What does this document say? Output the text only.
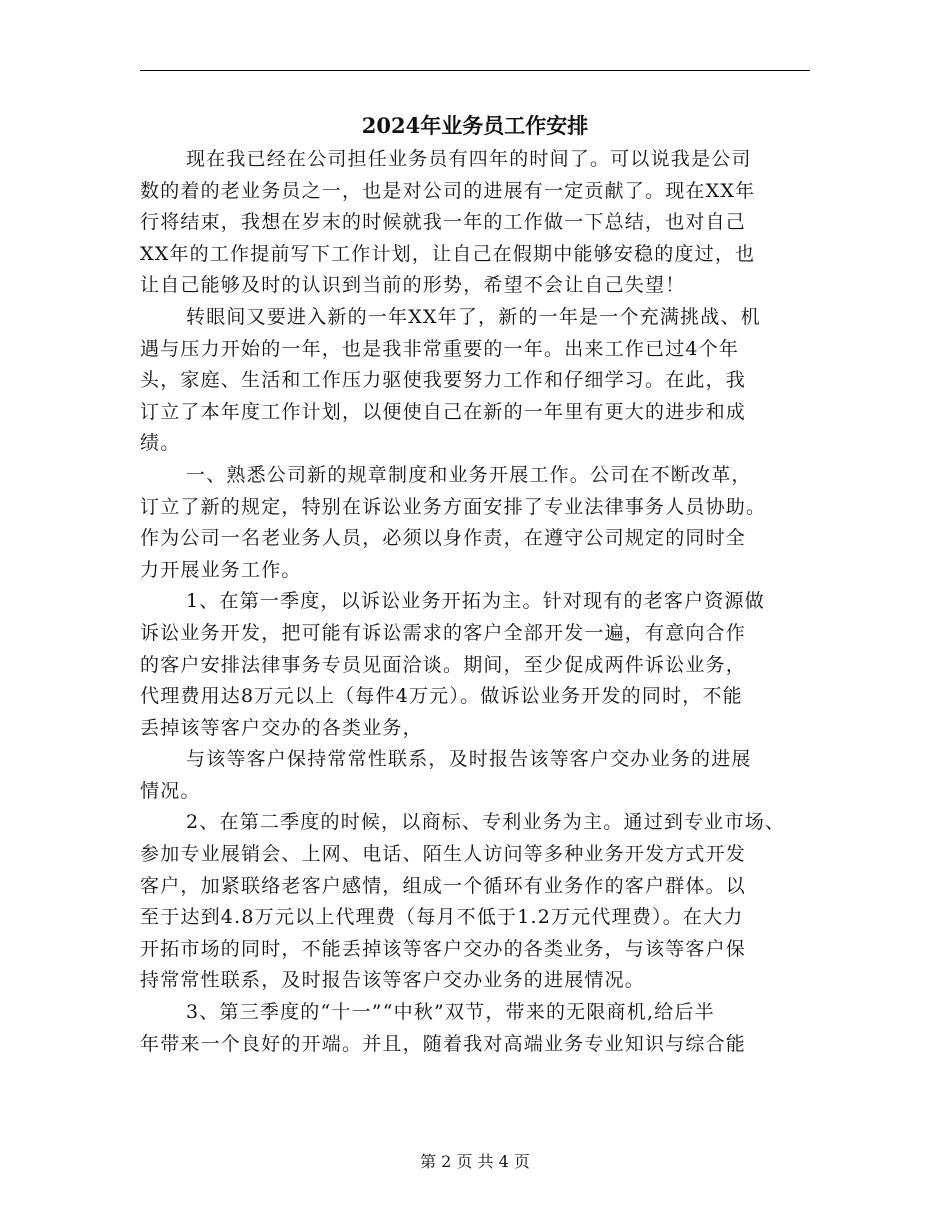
2024年业务员工作安排
现在我已经在公司担任业务员有四年的时间了。可以说我是公司
数的着的老业务员之一，也是对公司的进展有一定贡献了。现在XX年
行将结束，我想在岁末的时候就我一年的工作做一下总结，也对自己
XX年的工作提前写下工作计划，让自己在假期中能够安稳的度过，也
让自己能够及时的认识到当前的形势，希望不会让自己失望！
转眼间又要进入新的一年XX年了，新的一年是一个充满挑战、机
遇与压力开始的一年，也是我非常重要的一年。出来工作已过4个年
头，家庭、生活和工作压力驱使我要努力工作和仔细学习。在此，我
订立了本年度工作计划，以便使自己在新的一年里有更大的进步和成
绩。
一、熟悉公司新的规章制度和业务开展工作。公司在不断改革，
订立了新的规定，特别在诉讼业务方面安排了专业法律事务人员协助。
作为公司一名老业务人员，必须以身作责，在遵守公司规定的同时全
力开展业务工作。
1、在第一季度，以诉讼业务开拓为主。针对现有的老客户资源做
诉讼业务开发，把可能有诉讼需求的客户全部开发一遍，有意向合作
的客户安排法律事务专员见面洽谈。期间，至少促成两件诉讼业务，
代理费用达8万元以上（每件4万元）。做诉讼业务开发的同时，不能
丢掉该等客户交办的各类业务，
与该等客户保持常常性联系，及时报告该等客户交办业务的进展
情况。
2、在第二季度的时候，以商标、专利业务为主。通过到专业市场、
参加专业展销会、上网、电话、陌生人访问等多种业务开发方式开发
客户，加紧联络老客户感情，组成一个循环有业务作的客户群体。以
至于达到4.8万元以上代理费（每月不低于1.2万元代理费）。在大力
开拓市场的同时，不能丢掉该等客户交办的各类业务，与该等客户保
持常常性联系，及时报告该等客户交办业务的进展情况。
3、第三季度的“十一”“中秋”双节，带来的无限商机,给后半
年带来一个良好的开端。并且，随着我对高端业务专业知识与综合能
第 2 页 共 4 页
